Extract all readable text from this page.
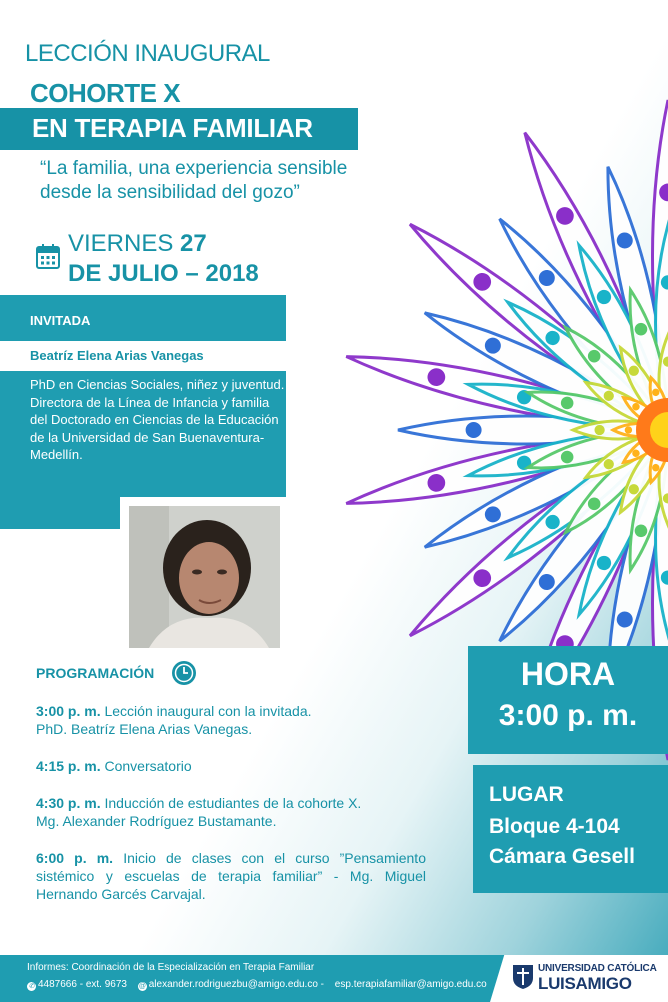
LECCIÓN INAUGURAL
COHORTE X
EN TERAPIA FAMILIAR
“La familia, una experiencia sensible
desde la sensibilidad del gozo”
VIERNES 27
DE JULIO – 2018
INVITADA
Beatríz Elena Arias Vanegas
PhD en Ciencias Sociales, niñez y juventud.
Directora de la Línea de Infancia y familia del Doctorado en Ciencias de la Educación de la Universidad de San Buenaventura-Medellín.
PROGRAMACIÓN
3:00 p. m. Lección inaugural con la invitada.
PhD. Beatríz Elena Arias Vanegas.
4:15 p. m. Conversatorio
4:30 p. m. Inducción de estudiantes de la cohorte X.
Mg. Alexander Rodríguez Bustamante.
6:00 p. m. Inicio de clases con el curso ”Pensamiento sistémico y escuelas de terapia familiar” - Mg. Miguel Hernando Garcés Carvajal.
HORA
3:00 p. m.
LUGAR
Bloque 4-104
Cámara Gesell
Informes: Coordinación de la Especialización en Terapia Familiar
✆ 4487666 - ext. 9673 @ alexander.rodriguezbu@amigo.edu.co - esp.terapiafamiliar@amigo.edu.co
UNIVERSIDAD CATÓLICA
LUISAMIGO
